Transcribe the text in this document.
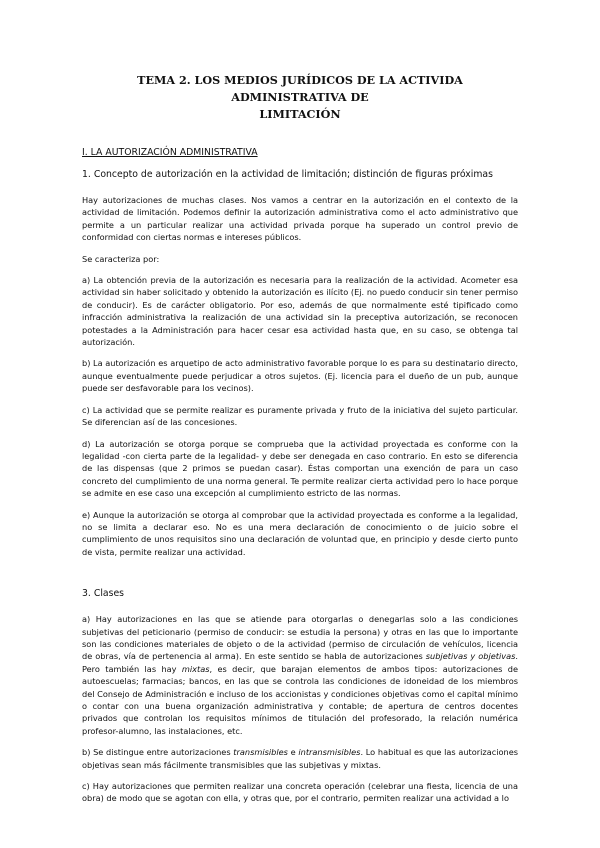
TEMA 2. LOS MEDIOS JURÍDICOS DE LA ACTIVIDA ADMINISTRATIVA DE
LIMITACIÓN
I. LA AUTORIZACIÓN ADMINISTRATIVA
1. Concepto de autorización en la actividad de limitación; distinción de figuras próximas

Hay autorizaciones de muchas clases. Nos vamos a centrar en la autorización en el contexto de la actividad de limitación. Podemos definir la autorización administrativa como el acto administrativo que permite a un particular realizar una actividad privada porque ha superado un control previo de conformidad con ciertas normas e intereses públicos.

Se caracteriza por:

a) La obtención previa de la autorización es necesaria para la realización de la actividad. Acometer esa actividad sin haber solicitado y obtenido la autorización es ilícito (Ej. no puedo conducir sin tener permiso de conducir). Es de carácter obligatorio. Por eso, además de que normalmente esté tipificado como infracción administrativa la realización de una actividad sin la preceptiva autorización, se reconocen potestades a la Administración para hacer cesar esa actividad hasta que, en su caso, se obtenga tal autorización.

b) La autorización es arquetipo de acto administrativo favorable porque lo es para su destinatario directo, aunque eventualmente puede perjudicar a otros sujetos. (Ej. licencia para el dueño de un pub, aunque puede ser desfavorable para los vecinos).

c) La actividad que se permite realizar es puramente privada y fruto de la iniciativa del sujeto particular. Se diferencian así de las concesiones.

d) La autorización se otorga porque se comprueba que la actividad proyectada es conforme con la legalidad -con cierta parte de la legalidad- y debe ser denegada en caso contrario. En esto se diferencia de las dispensas (que 2 primos se puedan casar). Éstas comportan una exención de para un caso concreto del cumplimiento de una norma general. Te permite realizar cierta actividad pero lo hace porque se admite en ese caso una excepción al cumplimiento estricto de las normas.

e) Aunque la autorización se otorga al comprobar que la actividad proyectada es conforme a la legalidad, no se limita a declarar eso. No es una mera declaración de conocimiento o de juicio sobre el cumplimiento de unos requisitos sino una declaración de voluntad que, en principio y desde cierto punto de vista, permite realizar una actividad.

3. Clases

a) Hay autorizaciones en las que se atiende para otorgarlas o denegarlas solo a las condiciones subjetivas del peticionario (permiso de conducir: se estudia la persona) y otras en las que lo importante son las condiciones materiales de objeto o de la actividad (permiso de circulación de vehículos, licencia de obras, vía de pertenencia al arma). En este sentido se habla de autorizaciones subjetivas y objetivas. Pero también las hay mixtas, es decir, que barajan elementos de ambos tipos: autorizaciones de autoescuelas; farmacias; bancos, en las que se controla las condiciones de idoneidad de los miembros del Consejo de Administración e incluso de los accionistas y condiciones objetivas como el capital mínimo o contar con una buena organización administrativa y contable; de apertura de centros docentes privados que controlan los requisitos mínimos de titulación del profesorado, la relación numérica profesor-alumno, las instalaciones, etc.

b) Se distingue entre autorizaciones transmisibles e intransmisibles. Lo habitual es que las autorizaciones objetivas sean más fácilmente transmisibles que las subjetivas y mixtas.

c) Hay autorizaciones que permiten realizar una concreta operación (celebrar una fiesta, licencia de una obra) de modo que se agotan con ella, y otras que, por el contrario, permiten realizar una actividad a lo
